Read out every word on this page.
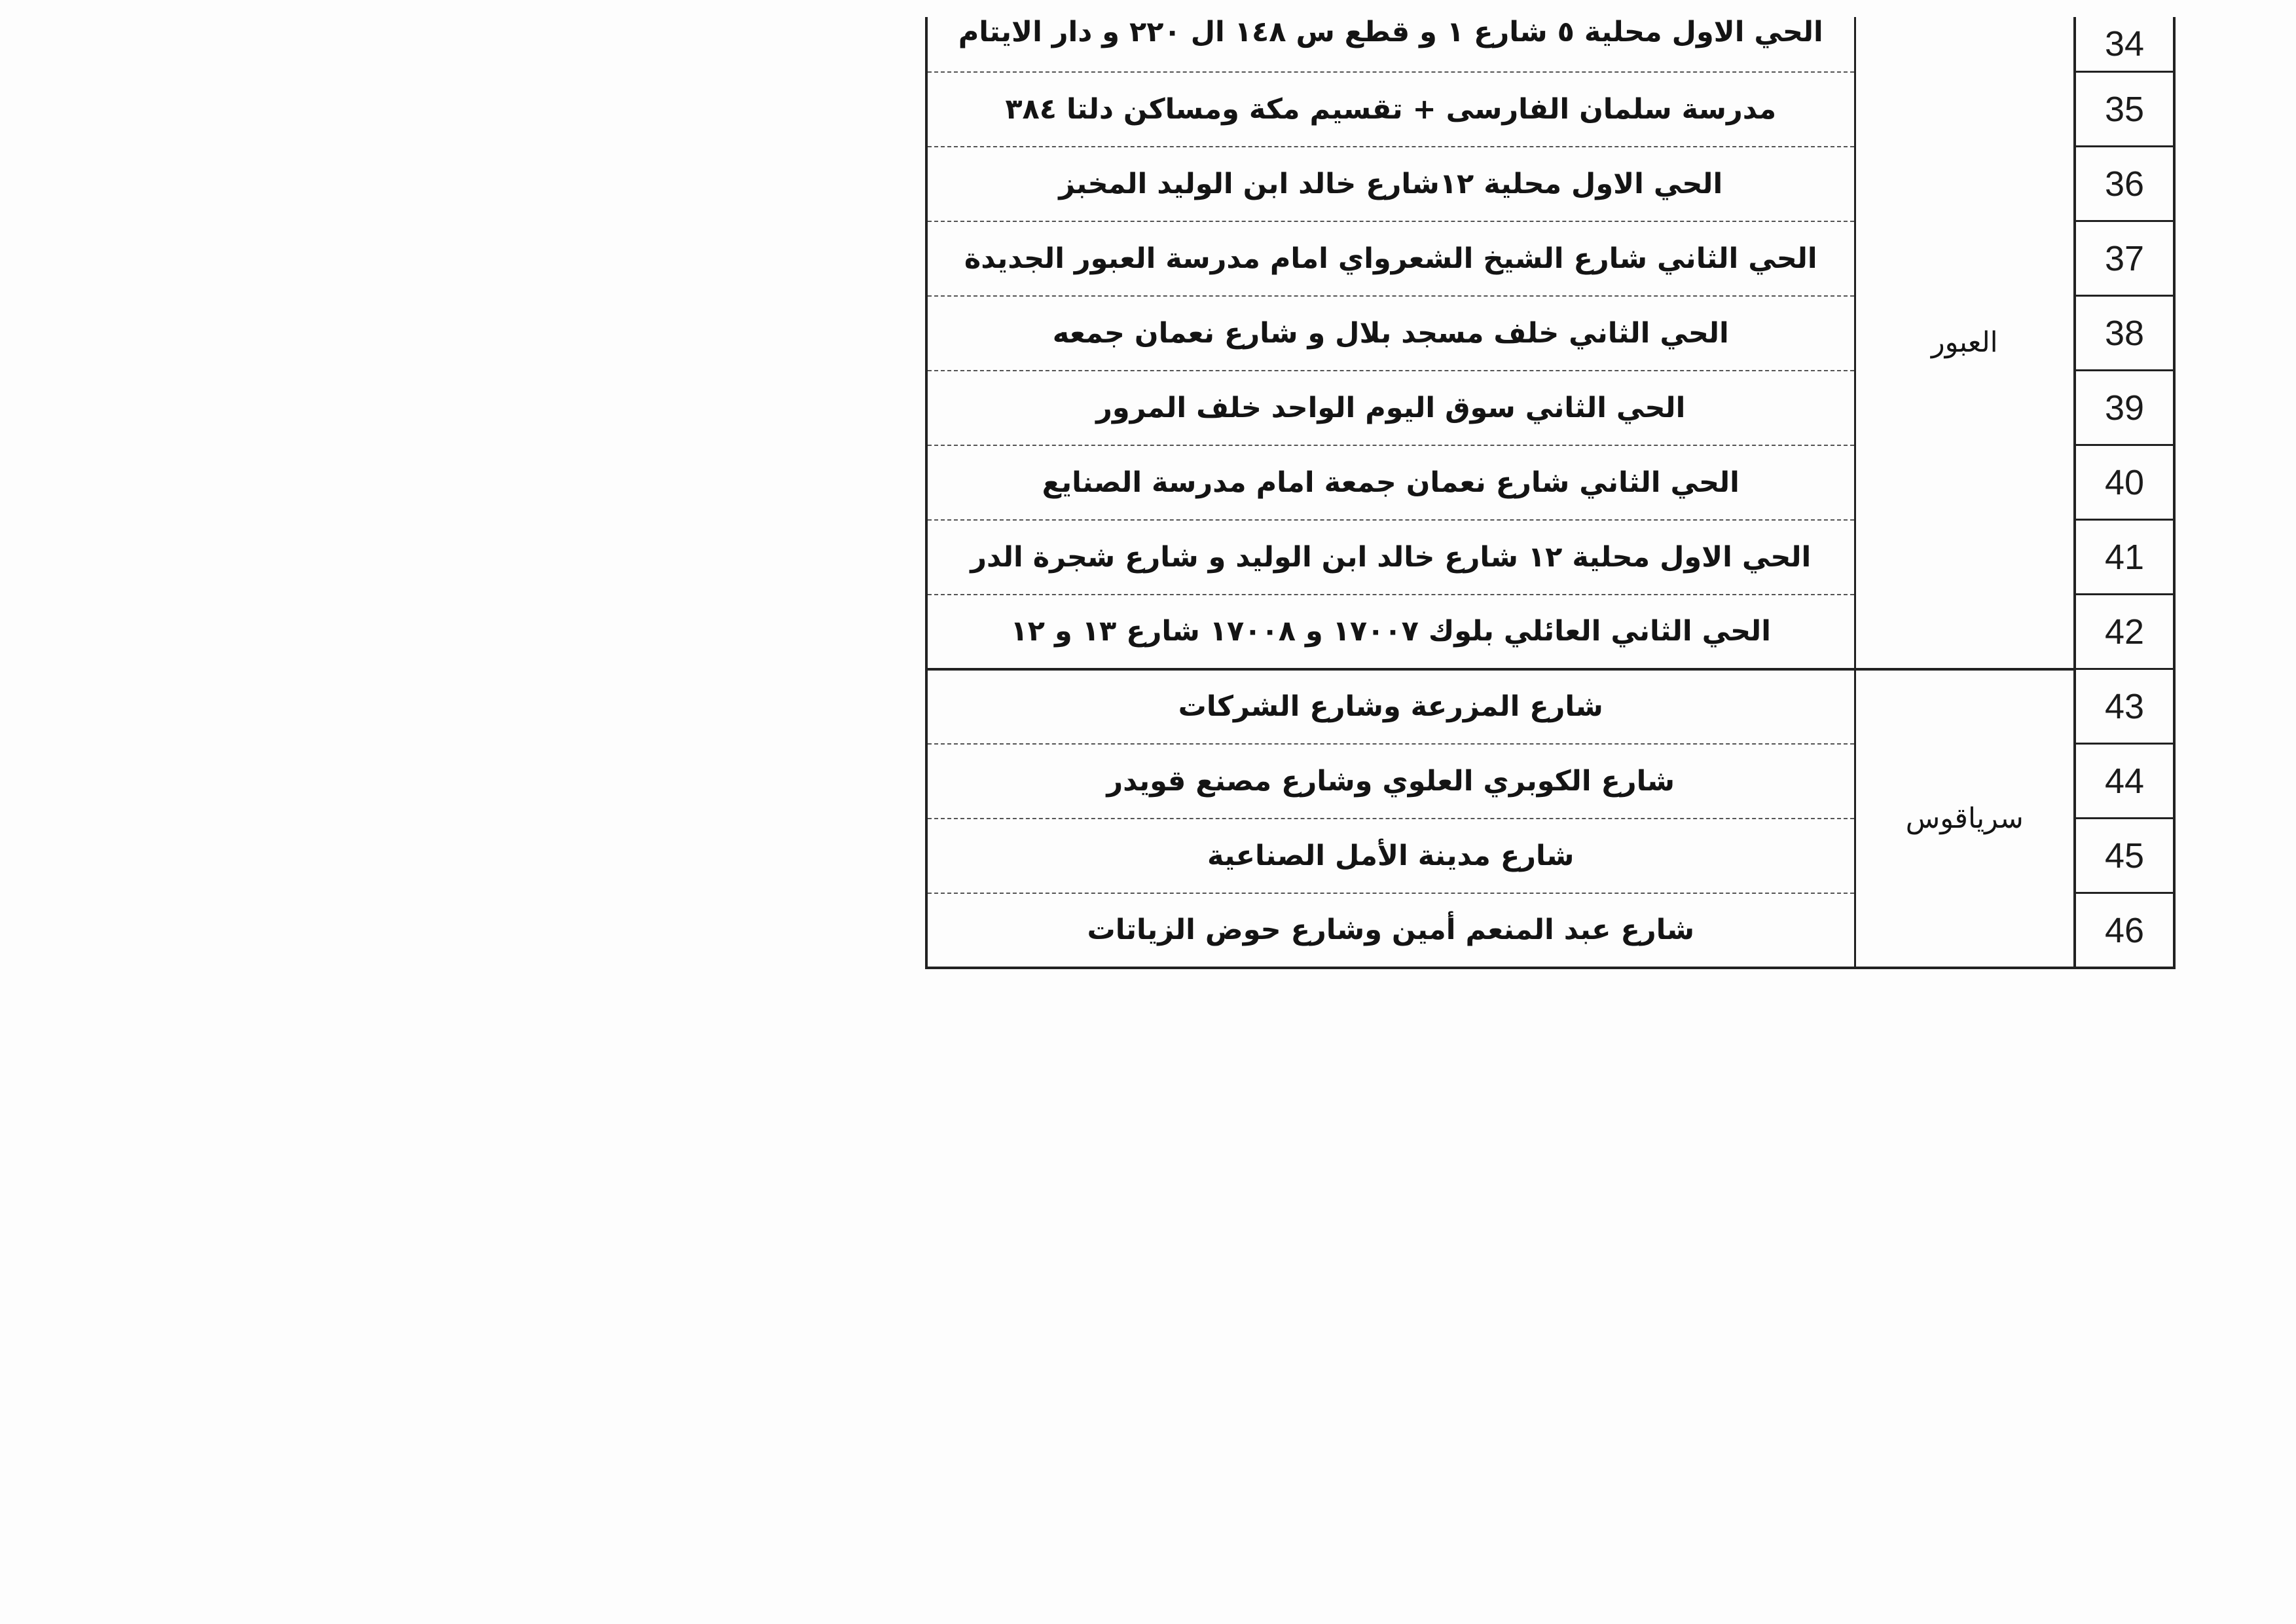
34	العبور	الحي الاول محلية ٥ شارع ١ و قطع س ١٤٨ ال ٢٢٠ و دار الايتام
35		مدرسة سلمان الفارسى + تقسيم مكة ومساكن دلتا ٣٨٤
36		الحي الاول محلية ١٢شارع خالد ابن الوليد المخبز
37		الحي الثاني شارع الشيخ الشعرواي امام مدرسة العبور الجديدة
38		الحي الثاني خلف مسجد بلال و شارع نعمان جمعه
39		الحي الثاني سوق اليوم الواحد خلف المرور
40		الحي الثاني شارع نعمان جمعة امام مدرسة الصنايع
41		الحي الاول محلية ١٢ شارع خالد ابن الوليد و شارع شجرة الدر
42		الحي الثاني العائلي بلوك ١٧٠٠٧ و ١٧٠٠٨ شارع ١٣ و ١٢
43	سرياقوس	شارع المزرعة وشارع الشركات
44		شارع الكوبري العلوي وشارع مصنع قويدر
45		شارع مدينة الأمل الصناعية
46		شارع عبد المنعم أمين وشارع حوض الزياتات
